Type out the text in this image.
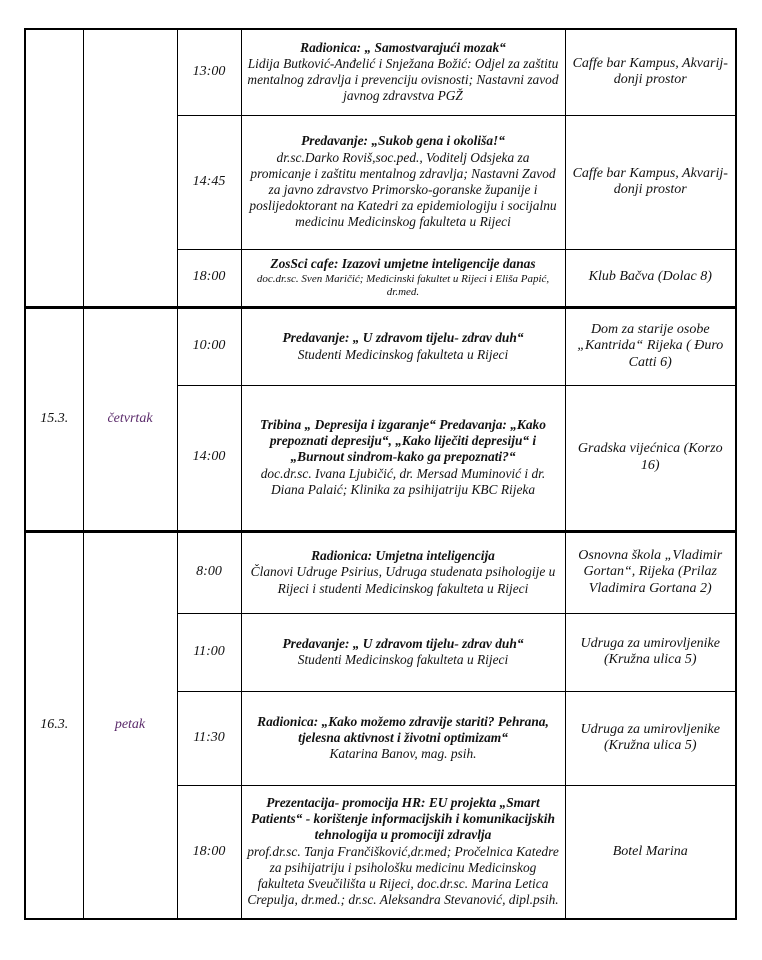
		13:00	Radionica: „ Samostvarajući mozak“
Lidija Butković-Anđelić i Snježana Božić: Odjel za zaštitu mentalnog zdravlja i prevenciju ovisnosti; Nastavni zavod javnog zdravstva PGŽ	Caffe bar Kampus, Akvarij- donji prostor
		14:45	Predavanje: „Sukob gena i okoliša!“
dr.sc.Darko Roviš,soc.ped., Voditelj Odsjeka za promicanje i zaštitu mentalnog zdravlja; Nastavni Zavod za javno zdravstvo Primorsko-goranske županije i poslijedoktorant na Katedri za epidemiologiju i socijalnu medicinu Medicinskog fakulteta u Rijeci	Caffe bar Kampus, Akvarij- donji prostor
		18:00	ZosSci cafe: Izazovi umjetne inteligencije danas
doc.dr.sc. Sven Maričić; Medicinski fakultet u Rijeci i Eliša Papić, dr.med.	Klub Bačva (Dolac 8)
15.3.	četvrtak	10:00	Predavanje: „ U zdravom tijelu- zdrav duh“
Studenti Medicinskog fakulteta u Rijeci	Dom za starije osobe „Kantrida“ Rijeka ( Đuro Catti 6)
		14:00	Tribina „ Depresija i izgaranje“ Predavanja: „Kako prepoznati depresiju“, „Kako liječiti depresiju“ i „Burnout sindrom-kako ga prepoznati?“
doc.dr.sc. Ivana Ljubičić, dr. Mersad Muminović i dr. Diana Palaić; Klinika za psihijatriju KBC Rijeka	Gradska vijećnica (Korzo 16)
16.3.	petak	8:00	Radionica: Umjetna inteligencija
Članovi Udruge Psirius, Udruga studenata psihologije u Rijeci i studenti Medicinskog fakulteta u Rijeci	Osnovna škola „Vladimir Gortan“, Rijeka (Prilaz Vladimira Gortana 2)
		11:00	Predavanje: „ U zdravom tijelu- zdrav duh“
Studenti Medicinskog fakulteta u Rijeci	Udruga za umirovljenike (Kružna ulica 5)
		11:30	Radionica: „Kako možemo zdravije stariti? Pehrana, tjelesna aktivnost i životni optimizam“
Katarina Banov, mag. psih.	Udruga za umirovljenike (Kružna ulica 5)
		18:00	Prezentacija- promocija HR: EU projekta „Smart Patients“ - korištenje informacijskih i komunikacijskih tehnologija u promociji zdravlja
prof.dr.sc. Tanja Frančišković,dr.med; Pročelnica Katedre za psihijatriju i psihološku medicinu Medicinskog fakulteta Sveučilišta u Rijeci, doc.dr.sc. Marina Letica Crepulja, dr.med.; dr.sc. Aleksandra Stevanović, dipl.psih.	Botel Marina
